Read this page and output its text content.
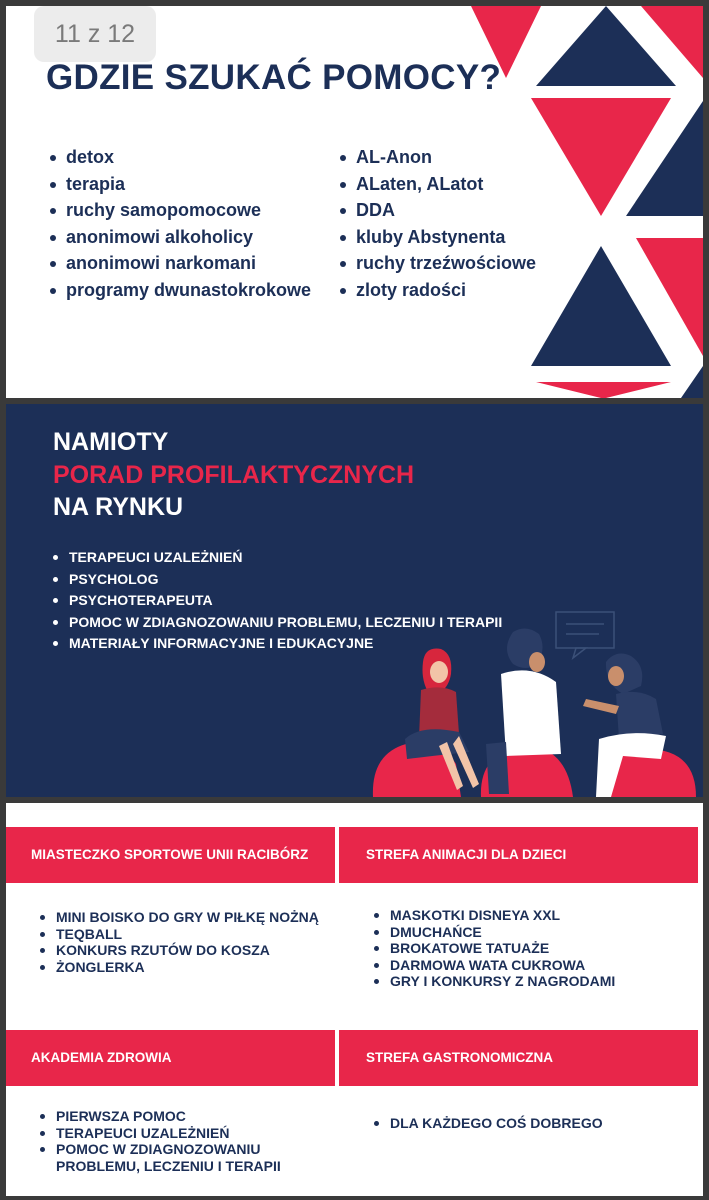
11 z 12
GDZIE SZUKAĆ POMOCY?
detox
terapia
ruchy samopomocowe
anonimowi alkoholicy
anonimowi narkomani
programy dwunastokrokowe
AL-Anon
ALaten, ALatot
DDA
kluby Abstynenta
ruchy trzeźwościowe
zloty radości
NAMIOTY
PORAD PROFILAKTYCZNYCH
NA RYNKU
TERAPEUCI UZALEŻNIEŃ
PSYCHOLOG
PSYCHOTERAPEUTA
POMOC W ZDIAGNOZOWANIU PROBLEMU, LECZENIU I TERAPII
MATERIAŁY INFORMACYJNE I EDUKACYJNE
MIASTECZKO SPORTOWE UNII RACIBÓRZ	STREFA ANIMACJI DLA DZIECI
AKADEMIA ZDROWIA	STREFA GASTRONOMICZNA
MINI BOISKO DO GRY W PIŁKĘ NOŻNĄ
TEQBALL
KONKURS RZUTÓW DO KOSZA
ŻONGLERKA
MASKOTKI DISNEYA XXL
DMUCHAŃCE
BROKATOWE TATUAŻE
DARMOWA WATA CUKROWA
GRY I KONKURSY Z NAGRODAMI
PIERWSZA POMOC
TERAPEUCI UZALEŻNIEŃ
POMOC W ZDIAGNOZOWANIU PROBLEMU, LECZENIU I TERAPII
DLA KAŻDEGO COŚ DOBREGO
